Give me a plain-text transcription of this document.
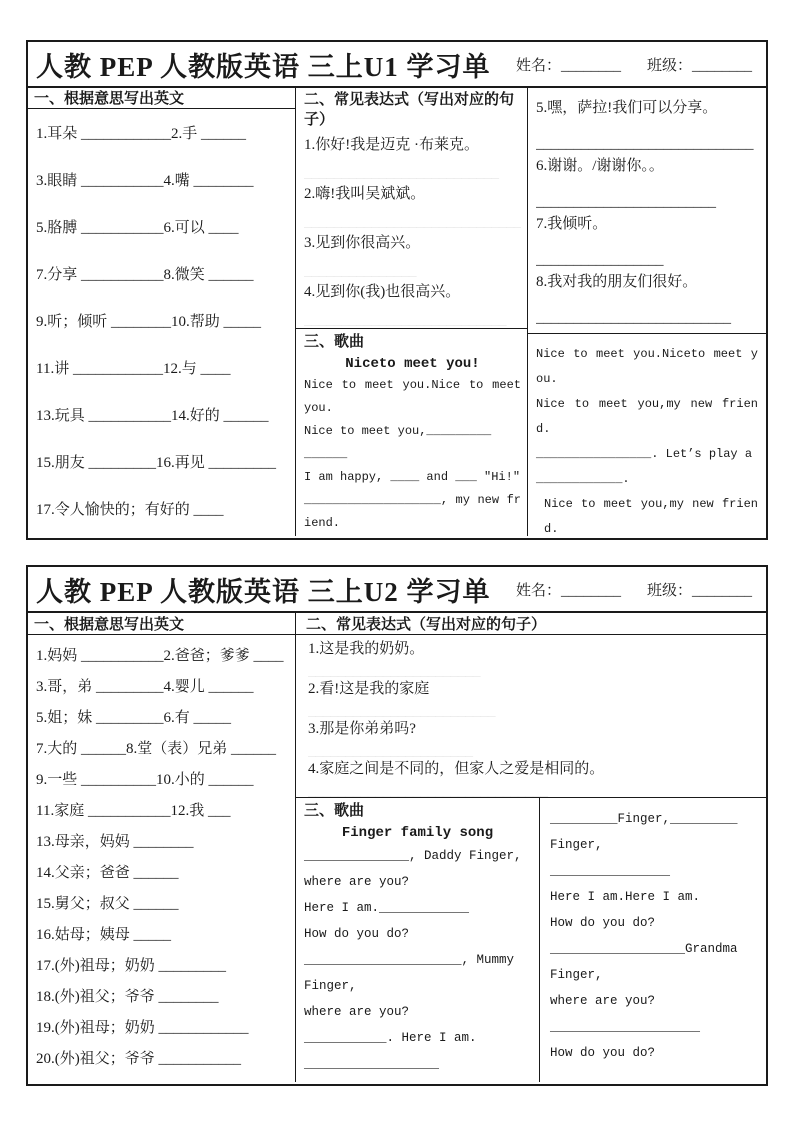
人教 PEP 人教版英语 三上U1 学习单 姓名：________ 班级：________
一、根据意思写出英文
1.耳朵 ____________2.手 ______
3.眼睛 ___________4.嘴 ________
5.胳膊 ___________6.可以 ____
7.分享 ___________8.微笑 ______
9.听；倾听 ________10.帮助 _____
11.讲 ____________12.与 ____
13.玩具 ___________14.好的 ______
15.朋友 _________16.再见 _________
17.令人愉快的；有好的 ____
二、常见表达式（写出对应的句子）
1.你好!我是迈克 ·布莱克。
__________________________
2.嗨!我叫吴斌斌。
_____________________________
3.见到你很高兴。
_______________
4.见到你(我)也很高兴。
___________________________
三、歌曲
Niceto meet you!
Nice to meet you.Nice to meet you.
Nice to meet you,_________
______
I am happy, ____ and ___ ″Hi!″
___________________, my new friend.
5.嘿，萨拉!我们可以分享。
_____________________________
6.谢谢。/谢谢你。。
________________________
7.我倾听。
_________________
8.我对我的朋友们很好。
__________________________
Nice to meet you.Niceto meet you.
Nice to meet you,my new friend.
________________. Let’s play a
____________.
Nice to meet you,my new friend.
人教 PEP 人教版英语 三上U2 学习单 姓名：________ 班级：________
一、根据意思写出英文
1.妈妈 ___________2.爸爸；爹爹 ____
3.哥，弟 _________4.婴儿 ______
5.姐；妹 _________6.有 _____
7.大的 ______8.堂（表）兄弟 ______
9.一些 __________10.小的 ______
11.家庭 ___________12.我 ___
13.母亲，妈妈 ________
14.父亲；爸爸 ______
15.舅父；叔父 ______
16.姑母；姨母 _____
17.(外)祖母；奶奶 _________
18.(外)祖父；爷爷 ________
19.(外)祖母；奶奶 ____________
20.(外)祖父；爷爷 ___________
二、常见表达式（写出对应的句子）
1.这是我的奶奶。
_______________________
2.看!这是我的家庭
_________________________
3.那是你弟弟吗?
______________________
4.家庭之间是不同的，但家人之爱是相同的。
________________________________
三、歌曲
Finger family song
______________, Daddy Finger,
where are you?
Here I am.____________
How do you do?
_____________________, Mummy
Finger,
where are you?
___________. Here I am.
__________________
_________Finger,_________
Finger,
________________
Here I am.Here I am.
How do you do?
__________________Grandma
Finger,
where are you?
____________________
How do you do?
